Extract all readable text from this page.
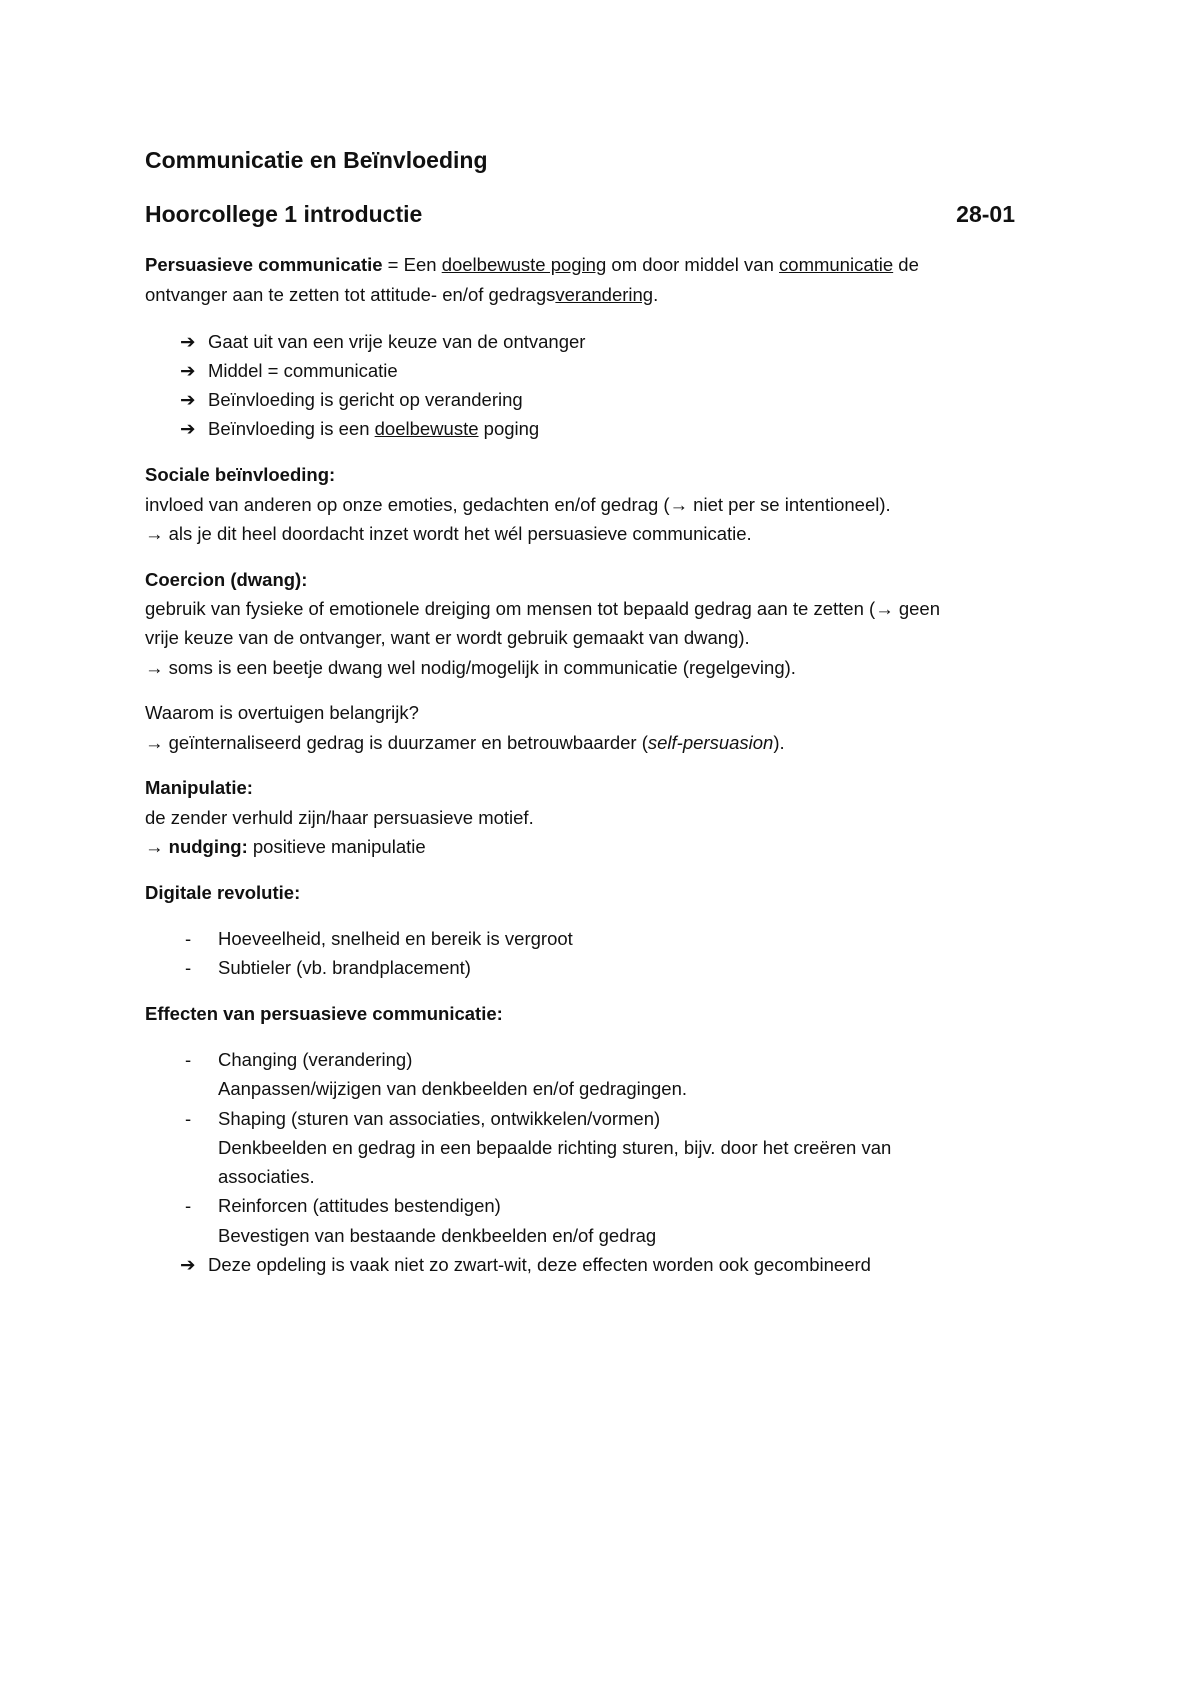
Communicatie en Beïnvloeding
Hoorcollege 1 introductie	28-01
Persuasieve communicatie = Een doelbewuste poging om door middel van communicatie de
ontvanger aan te zetten tot attitude- en/of gedragsverandering.
➔ Gaat uit van een vrije keuze van de ontvanger
➔ Middel = communicatie
➔ Beïnvloeding is gericht op verandering
➔ Beïnvloeding is een doelbewuste poging
Sociale beïnvloeding:
invloed van anderen op onze emoties, gedachten en/of gedrag (→ niet per se intentioneel).
→ als je dit heel doordacht inzet wordt het wél persuasieve communicatie.
Coercion (dwang):
gebruik van fysieke of emotionele dreiging om mensen tot bepaald gedrag aan te zetten (→ geen
vrije keuze van de ontvanger, want er wordt gebruik gemaakt van dwang).
→ soms is een beetje dwang wel nodig/mogelijk in communicatie (regelgeving).
Waarom is overtuigen belangrijk?
→ geïnternaliseerd gedrag is duurzamer en betrouwbaarder (self-persuasion).
Manipulatie:
de zender verhuld zijn/haar persuasieve motief.
→ nudging: positieve manipulatie
Digitale revolutie:
- Hoeveelheid, snelheid en bereik is vergroot
- Subtieler (vb. brandplacement)
Effecten van persuasieve communicatie:
- Changing (verandering)
Aanpassen/wijzigen van denkbeelden en/of gedragingen.
- Shaping (sturen van associaties, ontwikkelen/vormen)
Denkbeelden en gedrag in een bepaalde richting sturen, bijv. door het creëren van
associaties.
- Reinforcen (attitudes bestendigen)
Bevestigen van bestaande denkbeelden en/of gedrag
➔ Deze opdeling is vaak niet zo zwart-wit, deze effecten worden ook gecombineerd
